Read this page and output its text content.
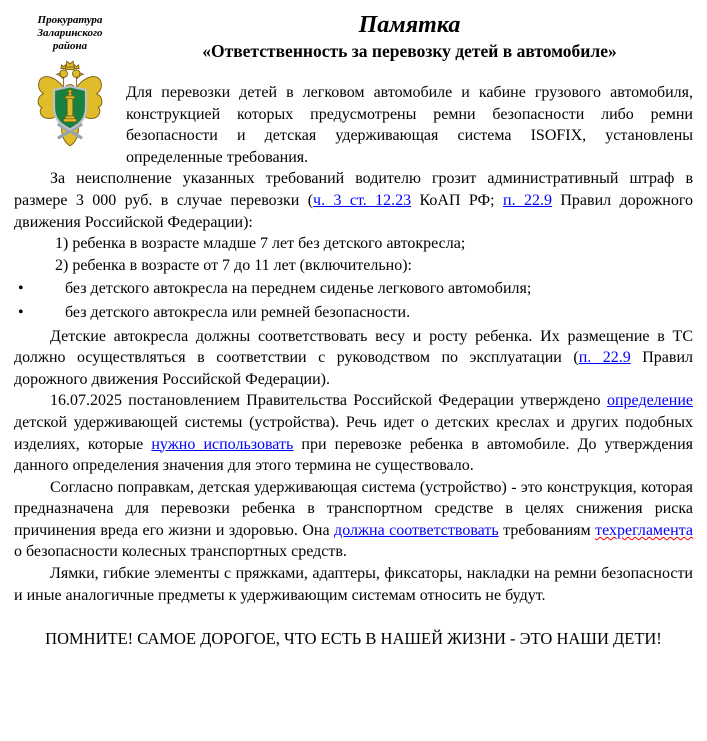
Прокуратура
Заларинского
района
Памятка
«Ответственность за перевозку детей в автомобиле»

Для перевозки детей в легковом автомобиле и кабине грузового автомобиля, конструкцией которых предусмотрены ремни безопасности либо ремни безопасности и детская удерживающая система ISOFIX, установлены определенные требования.

За неисполнение указанных требований водителю грозит административный штраф в размере 3 000 руб. в случае перевозки (ч. 3 ст. 12.23 КоАП РФ; п. 22.9 Правил дорожного движения Российской Федерации):

1) ребенка в возрасте младше 7 лет без детского автокресла;

2) ребенка в возрасте от 7 до 11 лет (включительно):

•	без детского автокресла на переднем сиденье легкового автомобиля;

•	без детского автокресла или ремней безопасности.

Детские автокресла должны соответствовать весу и росту ребенка. Их размещение в ТС должно осуществляться в соответствии с руководством по эксплуатации (п. 22.9 Правил дорожного движения Российской Федерации).

16.07.2025 постановлением Правительства Российской Федерации утверждено определение детской удерживающей системы (устройства). Речь идет о детских креслах и других подобных изделиях, которые нужно использовать при перевозке ребенка в автомобиле. До утверждения данного определения значения для этого термина не существовало.

Согласно поправкам, детская удерживающая система (устройство) - это конструкция, которая предназначена для перевозки ребенка в транспортном средстве в целях снижения риска причинения вреда его жизни и здоровью. Она должна соответствовать требованиям техрегламента о безопасности колесных транспортных средств.

Лямки, гибкие элементы с пряжками, адаптеры, фиксаторы, накладки на ремни безопасности и иные аналогичные предметы к удерживающим системам относить не будут.

ПОМНИТЕ! САМОЕ ДОРОГОЕ, ЧТО ЕСТЬ В НАШЕЙ ЖИЗНИ - ЭТО НАШИ ДЕТИ!
